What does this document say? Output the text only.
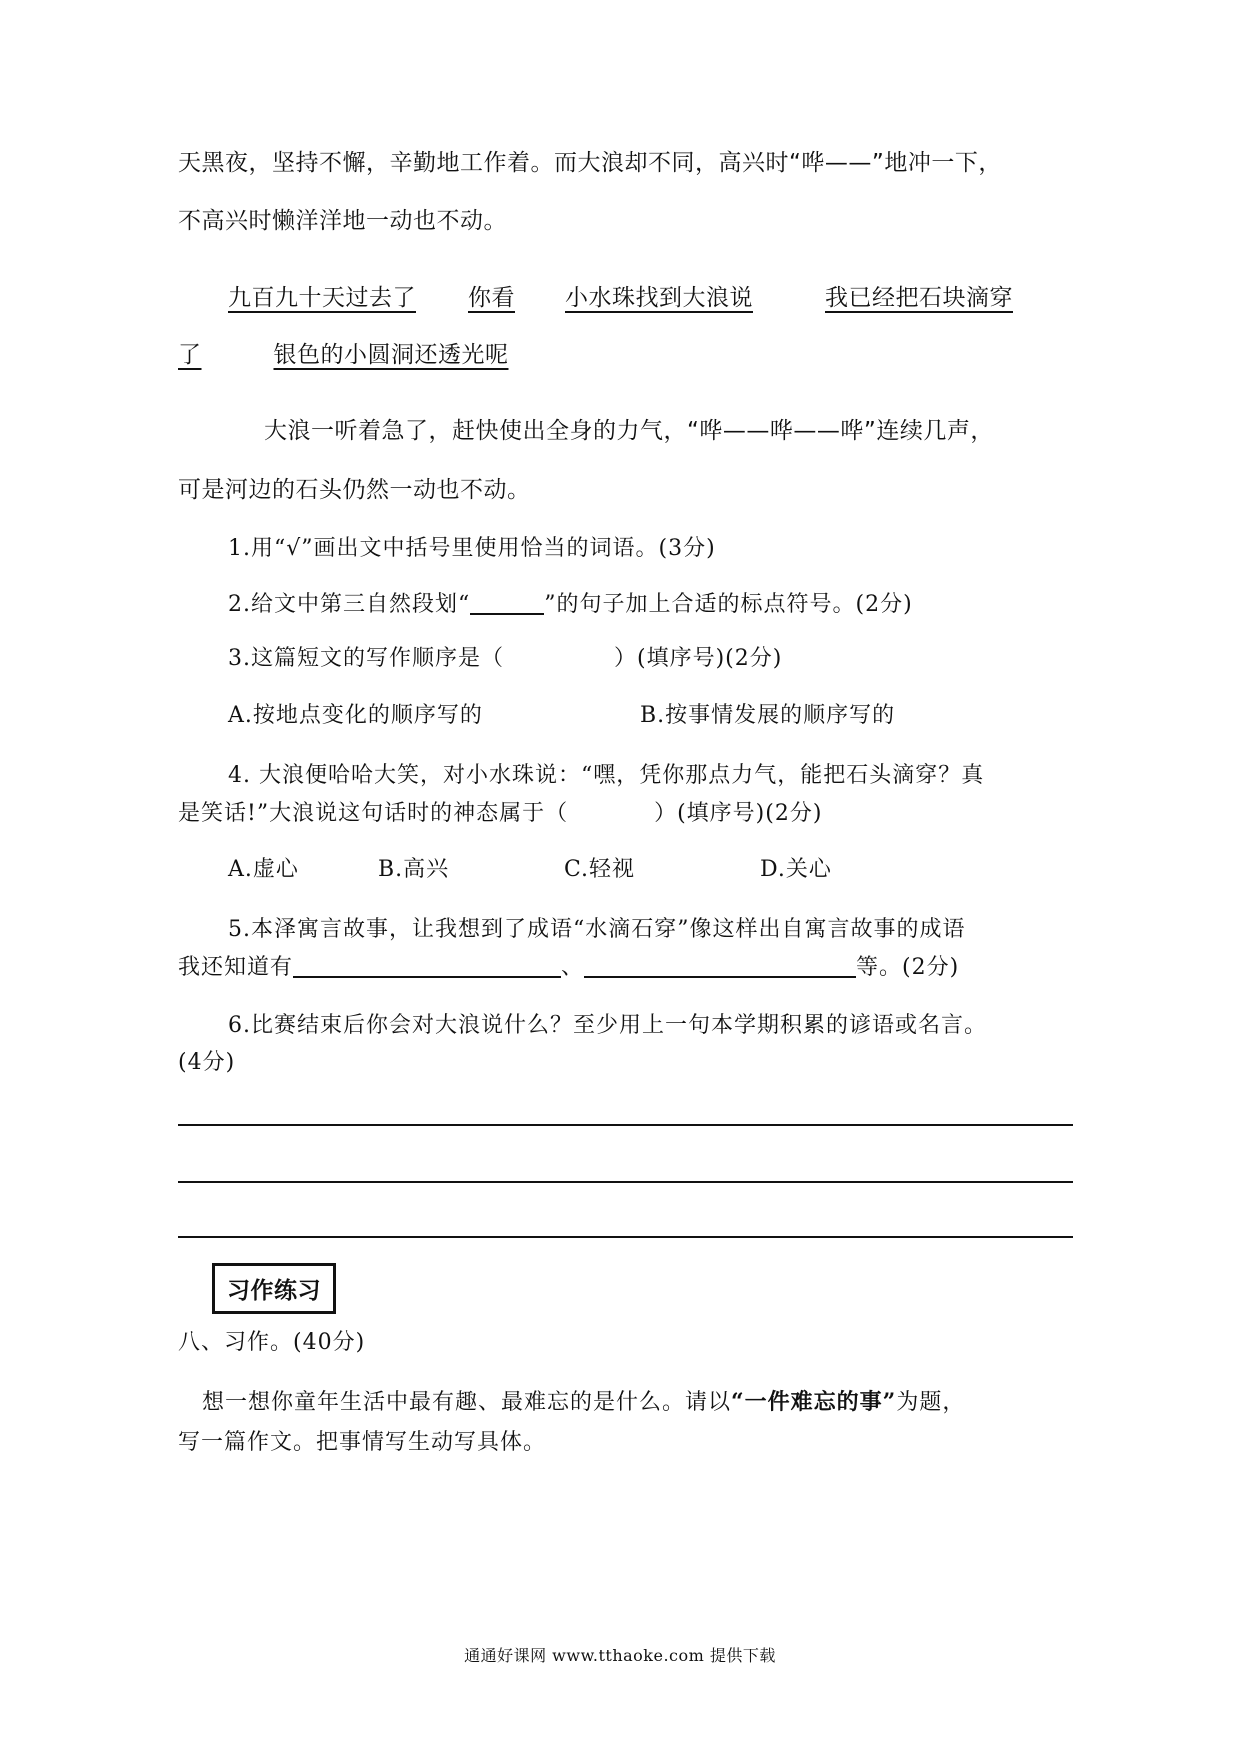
天黑夜，坚持不懈，辛勤地工作着。而大浪却不同，高兴时“哗——”地冲一下，
不高兴时懒洋洋地一动也不动。
九百九十天过去了 你看 小水珠找到大浪说	我已经把石块滴穿
了	银色的小圆洞还透光呢
大浪一听着急了，赶快使出全身的力气，“哗——哗——哗”连续几声，
可是河边的石头仍然一动也不动。
1.用“√”画出文中括号里使用恰当的词语。(3分)
2.给文中第三自然段划“	”的句子加上合适的标点符号。(2分)
3.这篇短文的写作顺序是（	）(填序号)(2分)
A.按地点变化的顺序写的	B.按事情发展的顺序写的
4. 大浪便哈哈大笑，对小水珠说：“嘿，凭你那点力气，能把石头滴穿？真
是笑话!”大浪说这句话时的神态属于（	）(填序号)(2分)
A.虚心	B.高兴	C.轻视	D.关心
5.本泽寓言故事，让我想到了成语“水滴石穿”像这样出自寓言故事的成语
我还知道有	、	等。(2分)
6.比赛结束后你会对大浪说什么？至少用上一句本学期积累的谚语或名言。
(4分)
习作练习
八、习作。(40分)
想一想你童年生活中最有趣、最难忘的是什么。请以“一件难忘的事”为题，
写一篇作文。把事情写生动写具体。
通通好课网 www.tthaoke.com 提供下载
